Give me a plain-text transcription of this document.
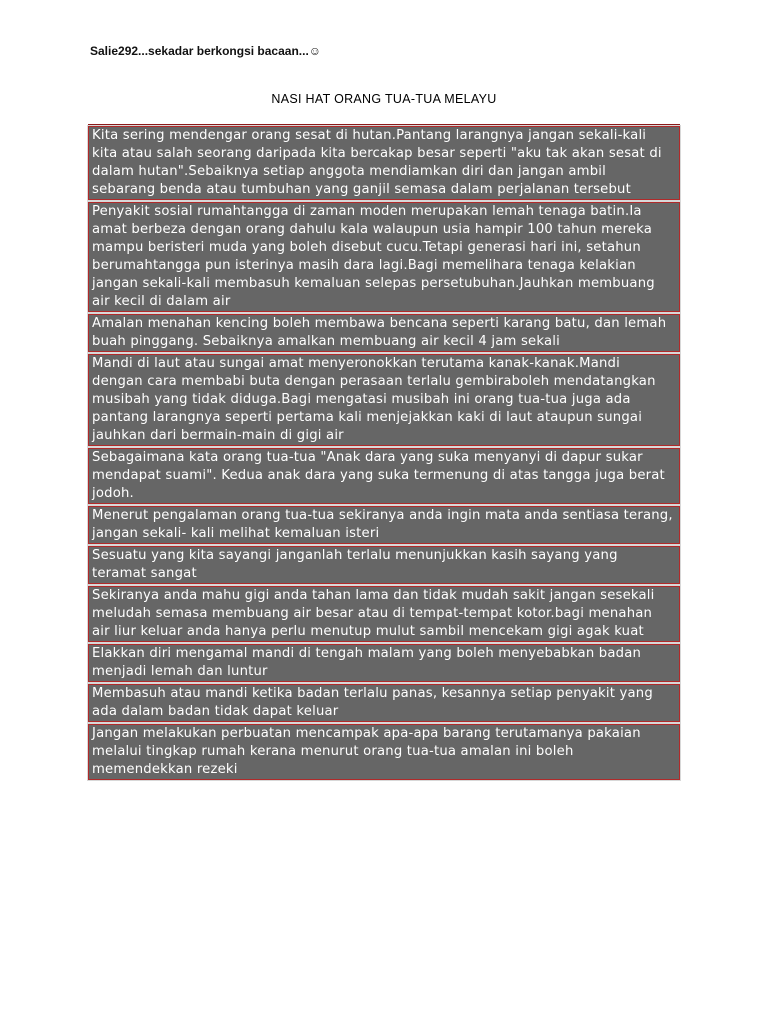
Salie292...sekadar berkongsi bacaan...☺
NASI HAT ORANG TUA-TUA MELAYU
Kita sering mendengar orang sesat di hutan.Pantang larangnya jangan sekali-kali kita atau salah seorang daripada kita bercakap besar seperti "aku tak akan sesat di dalam hutan".Sebaiknya setiap anggota mendiamkan diri dan jangan ambil sebarang benda atau tumbuhan yang ganjil semasa dalam perjalanan tersebut
Penyakit sosial rumahtangga di zaman moden merupakan lemah tenaga batin.Ia amat berbeza dengan orang dahulu kala walaupun usia hampir 100 tahun mereka mampu beristeri muda yang boleh disebut cucu.Tetapi generasi hari ini, setahun berumahtangga pun isterinya masih dara lagi.Bagi memelihara tenaga kelakian jangan sekali-kali membasuh kemaluan selepas persetubuhan.Jauhkan membuang air kecil di dalam air
Amalan menahan kencing boleh membawa bencana seperti karang batu, dan lemah buah pinggang. Sebaiknya amalkan membuang air kecil 4 jam sekali
Mandi di laut atau sungai amat menyeronokkan terutama kanak-kanak.Mandi dengan cara membabi buta dengan perasaan terlalu gembiraboleh mendatangkan musibah yang tidak diduga.Bagi mengatasi musibah ini orang tua-tua juga ada pantang larangnya seperti pertama kali menjejakkan kaki di laut ataupun sungai jauhkan dari bermain-main di gigi air
Sebagaimana kata orang tua-tua "Anak dara yang suka menyanyi di dapur sukar mendapat suami". Kedua anak dara yang suka termenung di atas tangga juga berat jodoh.
Menerut pengalaman orang tua-tua sekiranya anda ingin mata anda sentiasa terang, jangan sekali- kali melihat kemaluan isteri
Sesuatu yang kita sayangi janganlah terlalu menunjukkan kasih sayang yang teramat sangat
Sekiranya anda mahu gigi anda tahan lama dan tidak mudah sakit jangan sesekali meludah semasa membuang air besar atau di tempat-tempat kotor.bagi menahan air liur keluar anda hanya perlu menutup mulut sambil mencekam gigi agak kuat
Elakkan diri mengamal mandi di tengah malam yang boleh menyebabkan badan menjadi lemah dan luntur
Membasuh atau mandi ketika badan terlalu panas, kesannya setiap penyakit yang ada dalam badan tidak dapat keluar
Jangan melakukan perbuatan mencampak apa-apa barang terutamanya pakaian melalui tingkap rumah kerana menurut orang tua-tua amalan ini boleh memendekkan rezeki
